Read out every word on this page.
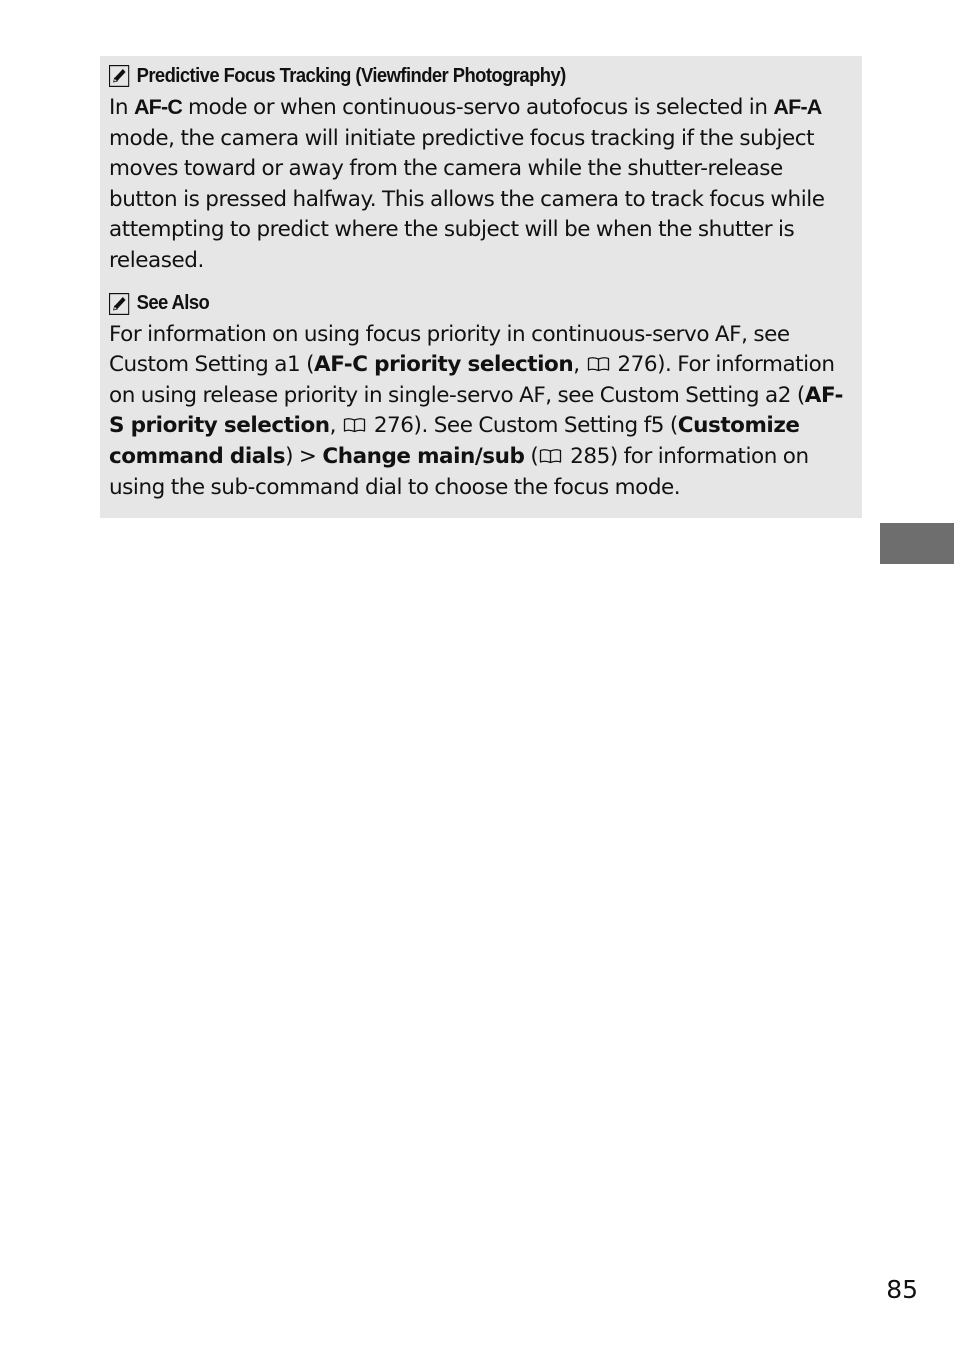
Predictive Focus Tracking (Viewfinder Photography)

In AF-C mode or when continuous-servo autofocus is selected in AF-A mode, the camera will initiate predictive focus tracking if the subject moves toward or away from the camera while the shutter-release button is pressed halfway. This allows the camera to track focus while attempting to predict where the subject will be when the shutter is released.

See Also

For information on using focus priority in continuous-servo AF, see Custom Setting a1 (AF-C priority selection,  276). For information on using release priority in single-servo AF, see Custom Setting a2 (AF-S priority selection,  276). See Custom Setting f5 (Customize command dials) > Change main/sub ( 285) for information on using the sub-command dial to choose the focus mode.

85
